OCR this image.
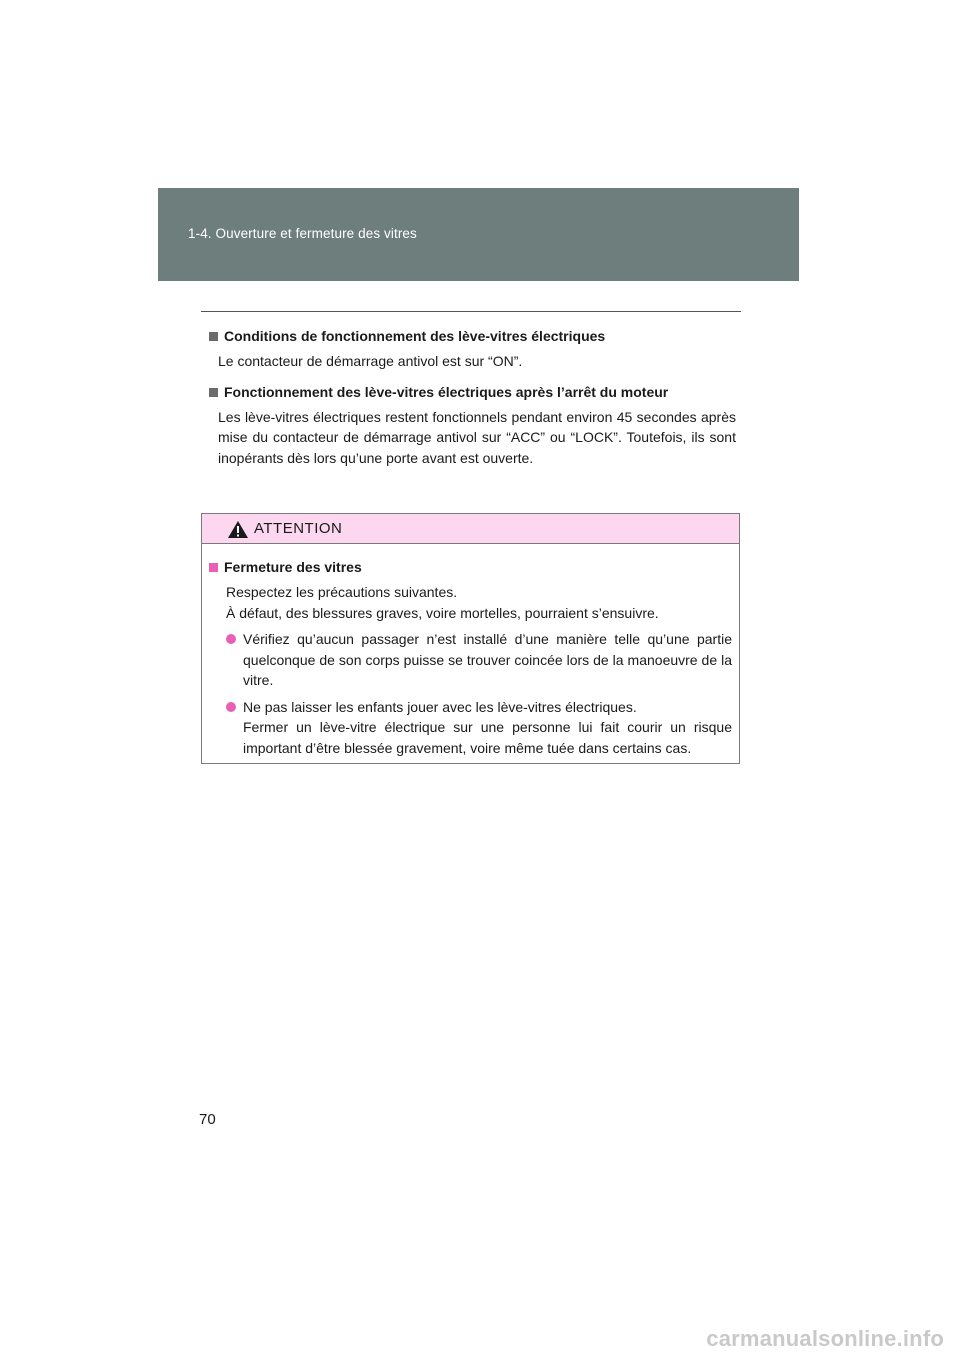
1-4. Ouverture et fermeture des vitres

Conditions de fonctionnement des lève-vitres électriques

Le contacteur de démarrage antivol est sur “ON”.

Fonctionnement des lève-vitres électriques après l’arrêt du moteur

Les lève-vitres électriques restent fonctionnels pendant environ 45 secondes après mise du contacteur de démarrage antivol sur “ACC” ou “LOCK”. Toutefois, ils sont inopérants dès lors qu’une porte avant est ouverte.

ATTENTION

Fermeture des vitres

Respectez les précautions suivantes.
À défaut, des blessures graves, voire mortelles, pourraient s’ensuivre.

Vérifiez qu’aucun passager n’est installé d’une manière telle qu’une partie quelconque de son corps puisse se trouver coincée lors de la manoeuvre de la vitre.
Ne pas laisser les enfants jouer avec les lève-vitres électriques.
Fermer un lève-vitre électrique sur une personne lui fait courir un risque important d’être blessée gravement, voire même tuée dans certains cas.
70
carmanualsonline.info
